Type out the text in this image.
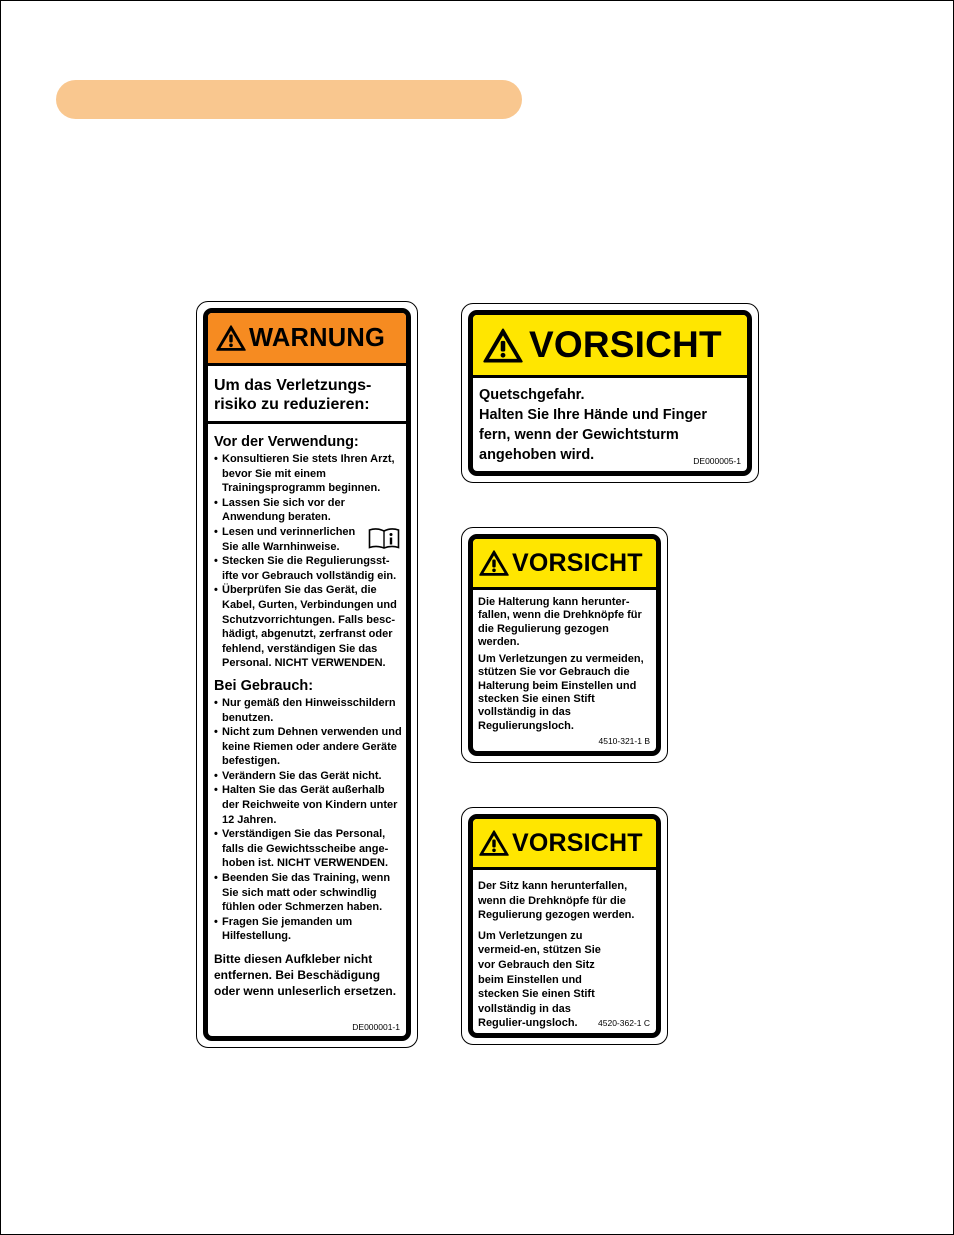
WARNUNG
Um das Verletzungs-risiko zu reduzieren:
Vor der Verwendung:
• Konsultieren Sie stets Ihren Arzt, bevor Sie mit einem Trainingsprogramm beginnen.
• Lassen Sie sich vor der Anwendung beraten.
• Lesen und verinnerlichen Sie alle Warnhinweise.
• Stecken Sie die Regulierungsst-ifte vor Gebrauch vollständig ein.
• Überprüfen Sie das Gerät, die Kabel, Gurten, Verbindungen und Schutzvorrichtungen. Falls besc-hädigt, abgenutzt, zerfranst oder fehlend, verständigen Sie das Personal. NICHT VERWENDEN.
Bei Gebrauch:
• Nur gemäß den Hinweisschildern benutzen.
• Nicht zum Dehnen verwenden und keine Riemen oder andere Geräte befestigen.
• Verändern Sie das Gerät nicht.
• Halten Sie das Gerät außerhalb der Reichweite von Kindern unter 12 Jahren.
• Verständigen Sie das Personal, falls die Gewichtsscheibe ange-hoben ist. NICHT VERWENDEN.
• Beenden Sie das Training, wenn Sie sich matt oder schwindlig fühlen oder Schmerzen haben.
• Fragen Sie jemanden um Hilfestellung.
Bitte diesen Aufkleber nicht entfernen. Bei Beschädigung oder wenn unleserlich ersetzen.
DE000001-1
VORSICHT
Quetschgefahr.
Halten Sie Ihre Hände und Finger fern, wenn der Gewichtsturm angehoben wird.	DE000005-1
VORSICHT

Die Halterung kann herunter-fallen, wenn die Drehknöpfe für die Regulierung gezogen werden.

Um Verletzungen zu vermeiden, stützen Sie vor Gebrauch die Halterung beim Einstellen und stecken Sie einen Stift vollständig in das Regulierungsloch.

4510-321-1 B
VORSICHT

Der Sitz kann herunterfallen, wenn die Drehknöpfe für die Regulierung gezogen werden.

Um Verletzungen zu vermeid-en, stützen Sie vor Gebrauch den Sitz beim Einstellen und stecken Sie einen Stift vollständig in das Regulier-ungsloch.	4520-362-1 C
